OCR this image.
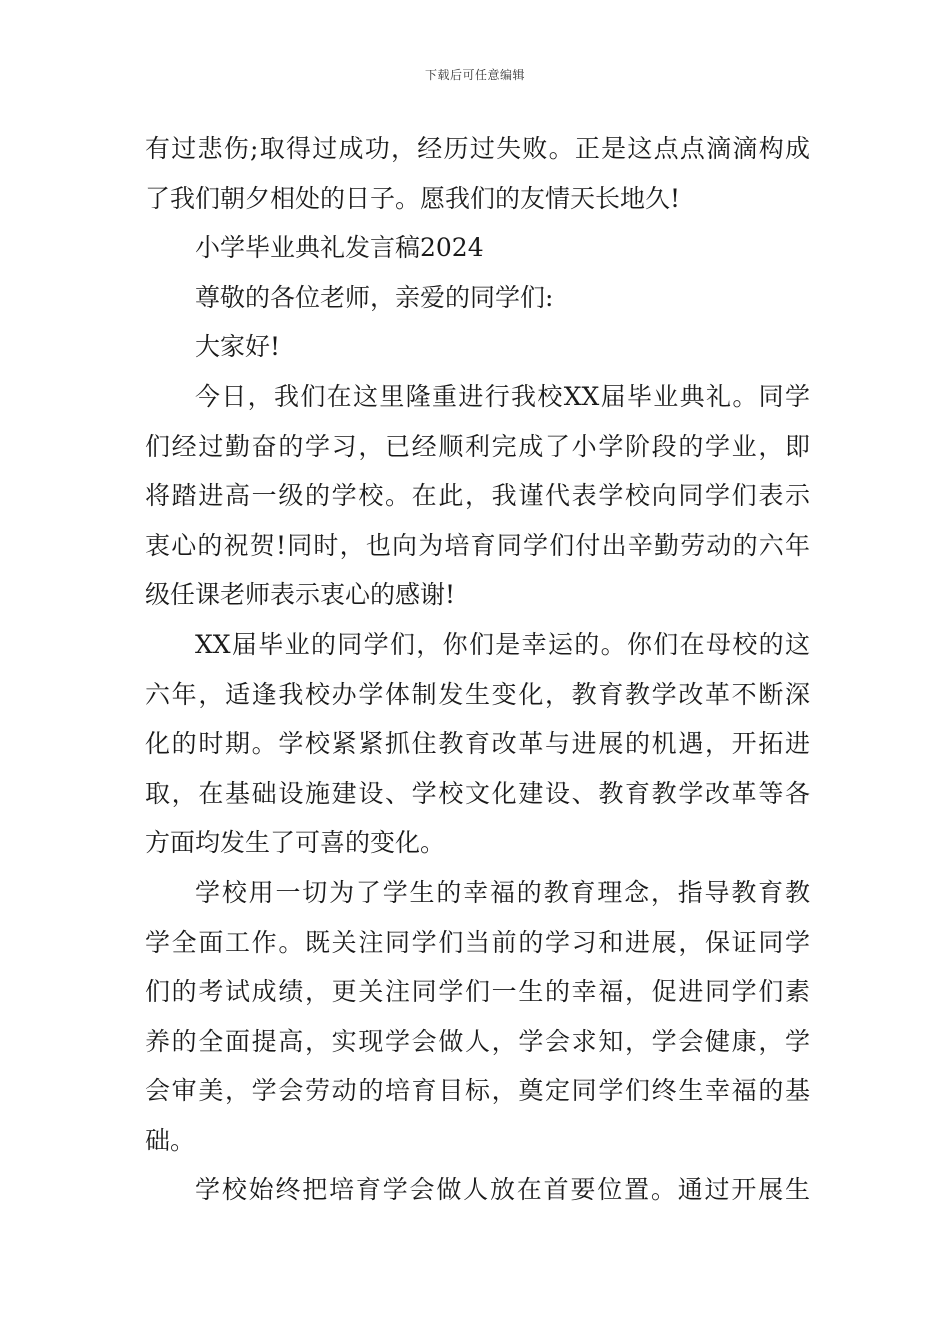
下载后可任意编辑
有过悲伤;取得过成功，经历过失败。正是这点点滴滴构成
了我们朝夕相处的日子。愿我们的友情天长地久!
小学毕业典礼发言稿2024
尊敬的各位老师，亲爱的同学们:
大家好!
今日，我们在这里隆重进行我校XX届毕业典礼。同学
们经过勤奋的学习，已经顺利完成了小学阶段的学业，即
将踏进高一级的学校。在此，我谨代表学校向同学们表示
衷心的祝贺!同时，也向为培育同学们付出辛勤劳动的六年
级任课老师表示衷心的感谢!
XX届毕业的同学们，你们是幸运的。你们在母校的这
六年，适逢我校办学体制发生变化，教育教学改革不断深
化的时期。学校紧紧抓住教育改革与进展的机遇，开拓进
取，在基础设施建设、学校文化建设、教育教学改革等各
方面均发生了可喜的变化。
学校用一切为了学生的幸福的教育理念，指导教育教
学全面工作。既关注同学们当前的学习和进展，保证同学
们的考试成绩，更关注同学们一生的幸福，促进同学们素
养的全面提高，实现学会做人，学会求知，学会健康，学
会审美，学会劳动的培育目标，奠定同学们终生幸福的基
础。
学校始终把培育学会做人放在首要位置。通过开展生
